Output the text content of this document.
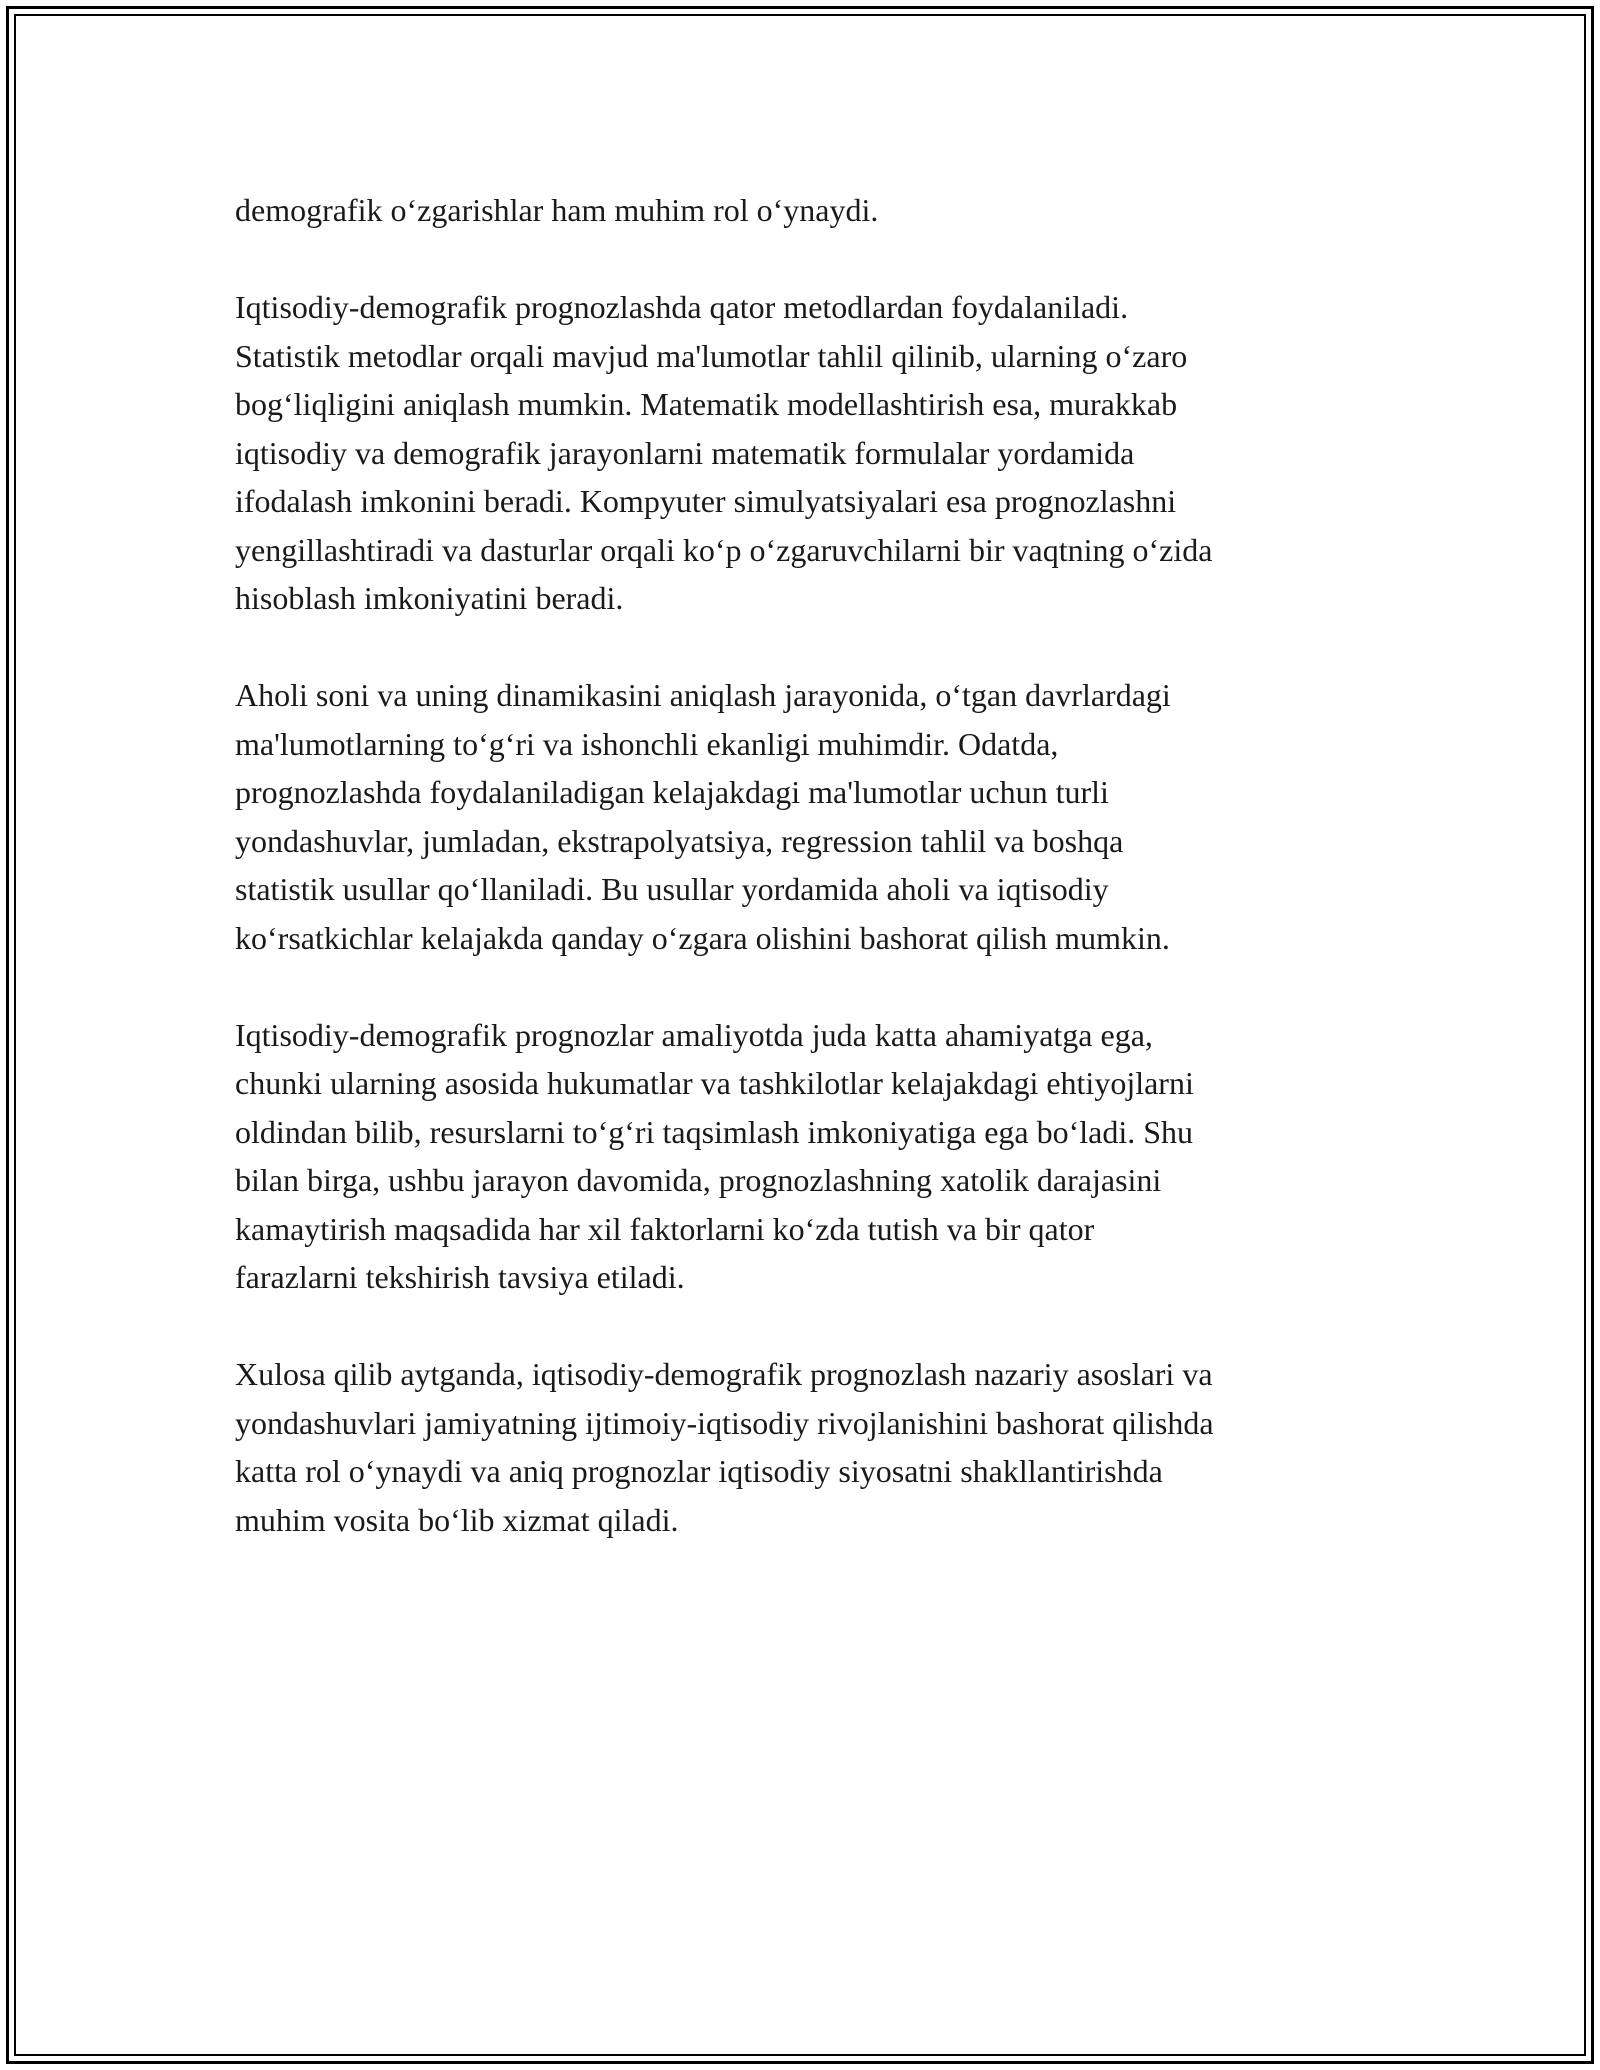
demografik o‘zgarishlar ham muhim rol o‘ynaydi.

Iqtisodiy-demografik prognozlashda qator metodlardan foydalaniladi.
Statistik metodlar orqali mavjud ma'lumotlar tahlil qilinib, ularning o‘zaro
bog‘liqligini aniqlash mumkin. Matematik modellashtirish esa, murakkab
iqtisodiy va demografik jarayonlarni matematik formulalar yordamida
ifodalash imkonini beradi. Kompyuter simulyatsiyalari esa prognozlashni
yengillashtiradi va dasturlar orqali ko‘p o‘zgaruvchilarni bir vaqtning o‘zida
hisoblash imkoniyatini beradi.

Aholi soni va uning dinamikasini aniqlash jarayonida, o‘tgan davrlardagi
ma'lumotlarning to‘g‘ri va ishonchli ekanligi muhimdir. Odatda,
prognozlashda foydalaniladigan kelajakdagi ma'lumotlar uchun turli
yondashuvlar, jumladan, ekstrapolyatsiya, regression tahlil va boshqa
statistik usullar qo‘llaniladi. Bu usullar yordamida aholi va iqtisodiy
ko‘rsatkichlar kelajakda qanday o‘zgara olishini bashorat qilish mumkin.

Iqtisodiy-demografik prognozlar amaliyotda juda katta ahamiyatga ega,
chunki ularning asosida hukumatlar va tashkilotlar kelajakdagi ehtiyojlarni
oldindan bilib, resurslarni to‘g‘ri taqsimlash imkoniyatiga ega bo‘ladi. Shu
bilan birga, ushbu jarayon davomida, prognozlashning xatolik darajasini
kamaytirish maqsadida har xil faktorlarni ko‘zda tutish va bir qator
farazlarni tekshirish tavsiya etiladi.

Xulosa qilib aytganda, iqtisodiy-demografik prognozlash nazariy asoslari va
yondashuvlari jamiyatning ijtimoiy-iqtisodiy rivojlanishini bashorat qilishda
katta rol o‘ynaydi va aniq prognozlar iqtisodiy siyosatni shakllantirishda
muhim vosita bo‘lib xizmat qiladi.
